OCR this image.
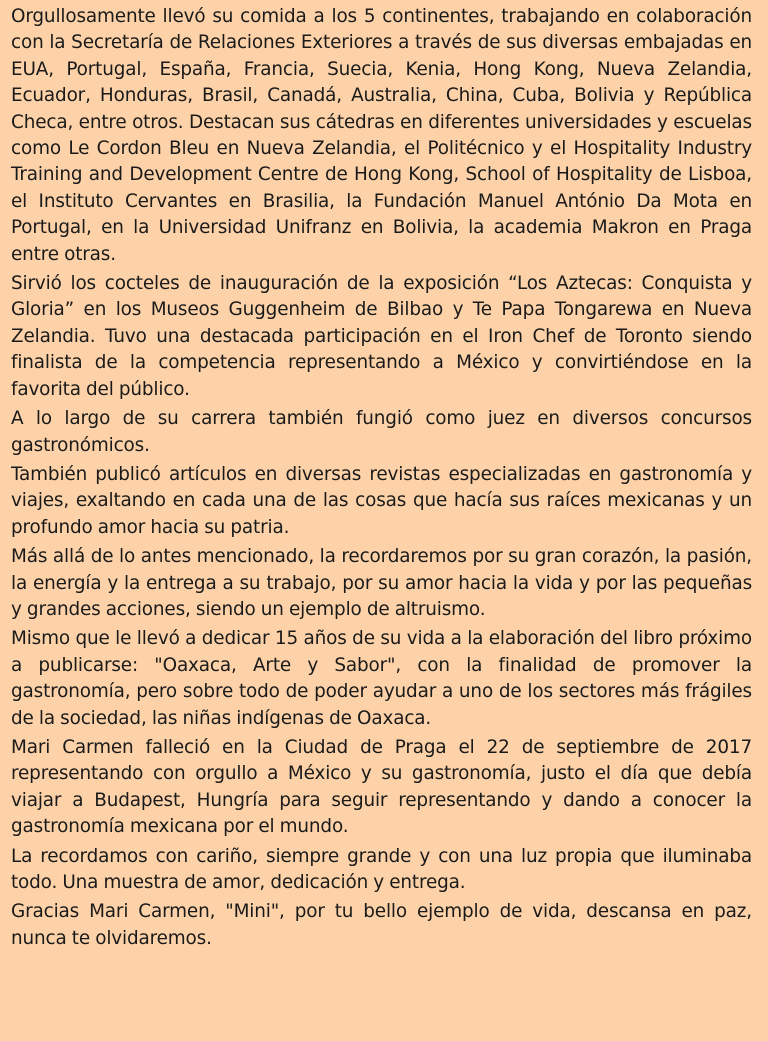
Orgullosamente llevó su comida a los 5 continentes, trabajando en colaboración con la Secretaría de Relaciones Exteriores a través de sus diversas embajadas en EUA, Portugal, España, Francia, Suecia, Kenia, Hong Kong, Nueva Zelandia, Ecuador, Honduras, Brasil, Canadá, Australia, China, Cuba, Bolivia y República Checa, entre otros. Destacan sus cátedras en diferentes universidades y escuelas como Le Cordon Bleu en Nueva Zelandia, el Politécnico y el Hospitality Industry Training and Development Centre de Hong Kong, School of Hospitality de Lisboa, el Instituto Cervantes en Brasilia, la Fundación Manuel António Da Mota en Portugal, en la Universidad Unifranz en Bolivia, la academia Makron en Praga entre otras.

Sirvió los cocteles de inauguración de la exposición “Los Aztecas: Conquista y Gloria” en los Museos Guggenheim de Bilbao y Te Papa Tongarewa en Nueva Zelandia. Tuvo una destacada participación en el Iron Chef de Toronto siendo finalista de la competencia representando a México y convirtiéndose en la favorita del público.

A lo largo de su carrera también fungió como juez en diversos concursos gastronómicos.

También publicó artículos en diversas revistas especializadas en gastronomía y viajes, exaltando en cada una de las cosas que hacía sus raíces mexicanas y un profundo amor hacia su patria.

Más allá de lo antes mencionado, la recordaremos por su gran corazón, la pasión, la energía y la entrega a su trabajo, por su amor hacia la vida y por las pequeñas y grandes acciones, siendo un ejemplo de altruismo.

Mismo que le llevó a dedicar 15 años de su vida a la elaboración del libro próximo a publicarse: "Oaxaca, Arte y Sabor", con la finalidad de promover la gastronomía, pero sobre todo de poder ayudar a uno de los sectores más frágiles de la sociedad, las niñas indígenas de Oaxaca.

Mari Carmen falleció en la Ciudad de Praga el 22 de septiembre de 2017 representando con orgullo a México y su gastronomía, justo el día que debía viajar a Budapest, Hungría para seguir representando y dando a conocer la gastronomía mexicana por el mundo.

La recordamos con cariño, siempre grande y con una luz propia que iluminaba todo. Una muestra de amor, dedicación y entrega.

Gracias Mari Carmen, "Mini", por tu bello ejemplo de vida, descansa en paz, nunca te olvidaremos.
